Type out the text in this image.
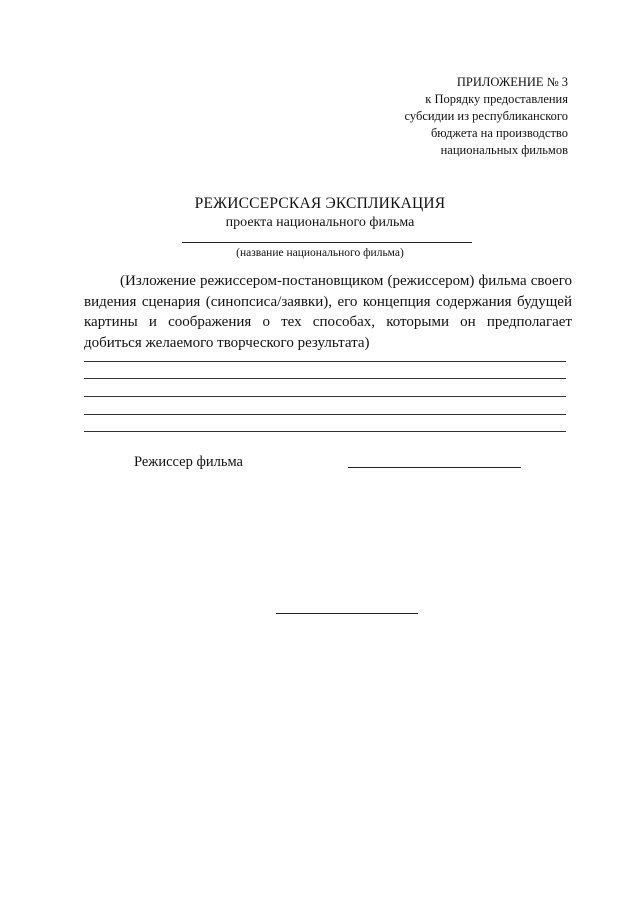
ПРИЛОЖЕНИЕ № 3
к Порядку предоставления
субсидии из республиканского
бюджета на производство
национальных фильмов
РЕЖИССЕРСКАЯ ЭКСПЛИКАЦИЯ
проекта национального фильма
(название национального фильма)
(Изложение режиссером-постановщиком (режиссером) фильма своего видения сценария (синопсиса/заявки), его концепция содержания будущей картины и соображения о тех способах, которыми он предполагает добиться желаемого творческого результата)
Режиссер фильма
